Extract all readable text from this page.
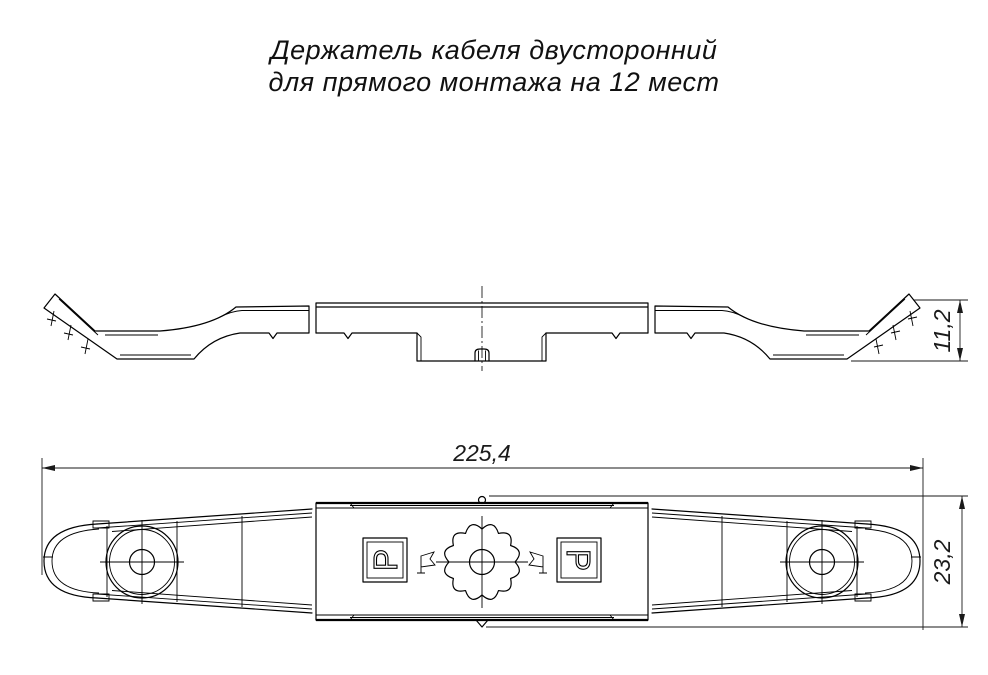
Держатель кабеля двусторонний
для прямого монтажа на 12 мест
11,2
225,4
Р	Р	23,2
